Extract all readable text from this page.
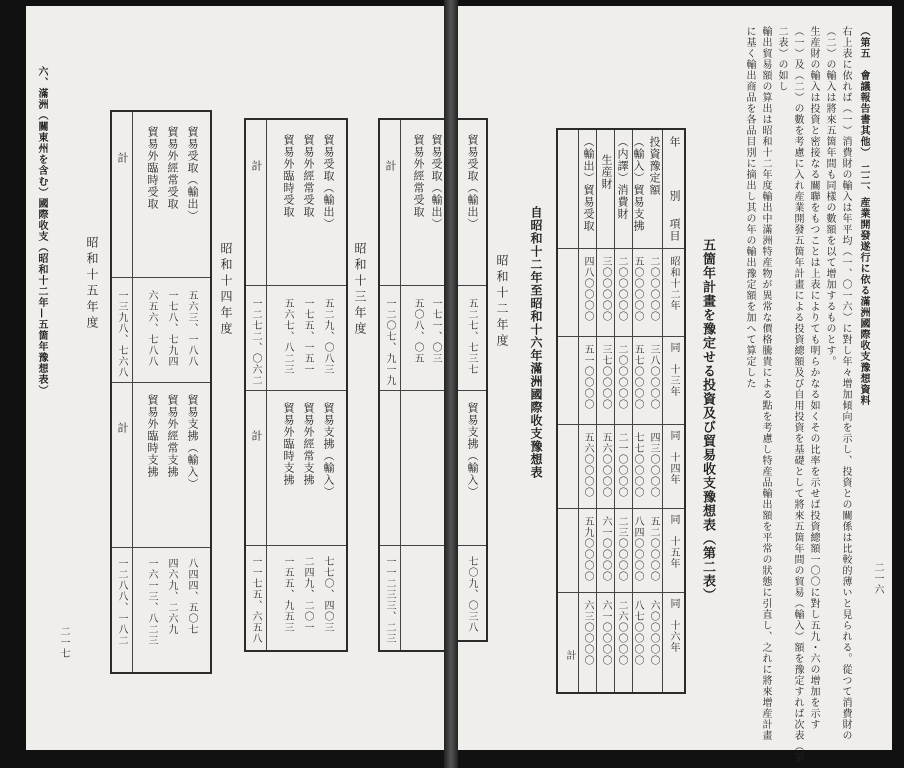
二一七
六、滿洲（關東州を含む）國際收支（昭和十二年—五箇年豫想表）	貿易受取（輸出）
貿易外經常受取
貿易外臨時受取
計
五六三、一八八
一七八、七九四
六五六、七八八
一三九八、七六八
貿易支拂（輸入）
貿易外經常支拂
貿易外臨時支拂
計
八四四、五〇七
四六九、二六九
一六一三、八二三
一二八八、一八二
昭和十五年度
貿易受取（輸出）
貿易外經常受取
貿易外臨時受取
計
五二九、〇八三
一七五、一五一
五六七、八二三
一二七二、〇六二
貿易支拂（輸入）
貿易外經常支拂
貿易外臨時支拂
計
七七〇、四〇三
二四九、二〇一
一五五、九五三
一一七五、六五八
昭和十四年度
貿易受取（輸出）
貿易外經常受取
計
一七一、〇三
五〇八、〇五
一二〇七、九一九
一一二三三、二三
昭和十三年度
二一六
（第五　會議報告書其他）　二二、産業開發遂行に依る滿洲國際收支豫想資料
右上表に依れば（一）消費財の輸入は年平均（一、〇一六）に對し年々增加傾向を示し、投資との關係は比較的薄いと見られる。從つて消費財の
（二）の輸入は將來五箇年間も同樣の數額を以て增加するものとす。
生産財の輸入は投資と密接なる關聯をもつことは上表によりても明らかなる如くその比率を示せば投資總額一〇〇に對し五九・六の增加を示す
（一）及（二）の數を考慮に入れ産業開發五箇年計畫による投資總額及び自用投資を基礎として將來五箇年間の貿易（輸入）額を豫定すれば次表（第
二表）の如し
輸出貿易額の算出は昭和十二年度輸出中滿洲特産物が異常な價格騰貴による點を考慮し特産品輸出額を平常の狀態に引直し、之れに將來增産計畫
に基く輸出商品を各品目別に摘出し其の年の輸出豫定額を加へて算定した
五箇年計畫を豫定せる投資及び貿易收支豫想表（第二表）
年
別
項目
投資豫定額
（輸入）貿易支拂
（内譯）消費財
生産財
（輸出）貿易受取
昭和十二年
同　十三年
同　十四年
同　十五年
同　十六年
計
二〇〇〇〇〇
五〇〇〇〇〇
二〇〇〇〇〇
三〇〇〇〇〇
四八〇〇〇〇
三八〇〇〇〇
五七〇〇〇〇
二〇〇〇〇〇
三七〇〇〇〇
五一〇〇〇〇
四三〇〇〇〇
七七〇〇〇〇
二一〇〇〇〇
五六〇〇〇〇
五六〇〇〇〇
五二〇〇〇〇
八四〇〇〇〇
二三〇〇〇〇
六一〇〇〇〇
五九〇〇〇〇
六〇〇〇〇〇
八七〇〇〇〇
二六〇〇〇〇
六一〇〇〇〇
六三〇〇〇〇
自昭和十二年至昭和十六年滿洲國際收支豫想表
昭和十二年度
貿易受取（輸出）
五二七、七三七
貿易支拂（輸入）
七〇九、〇三八
